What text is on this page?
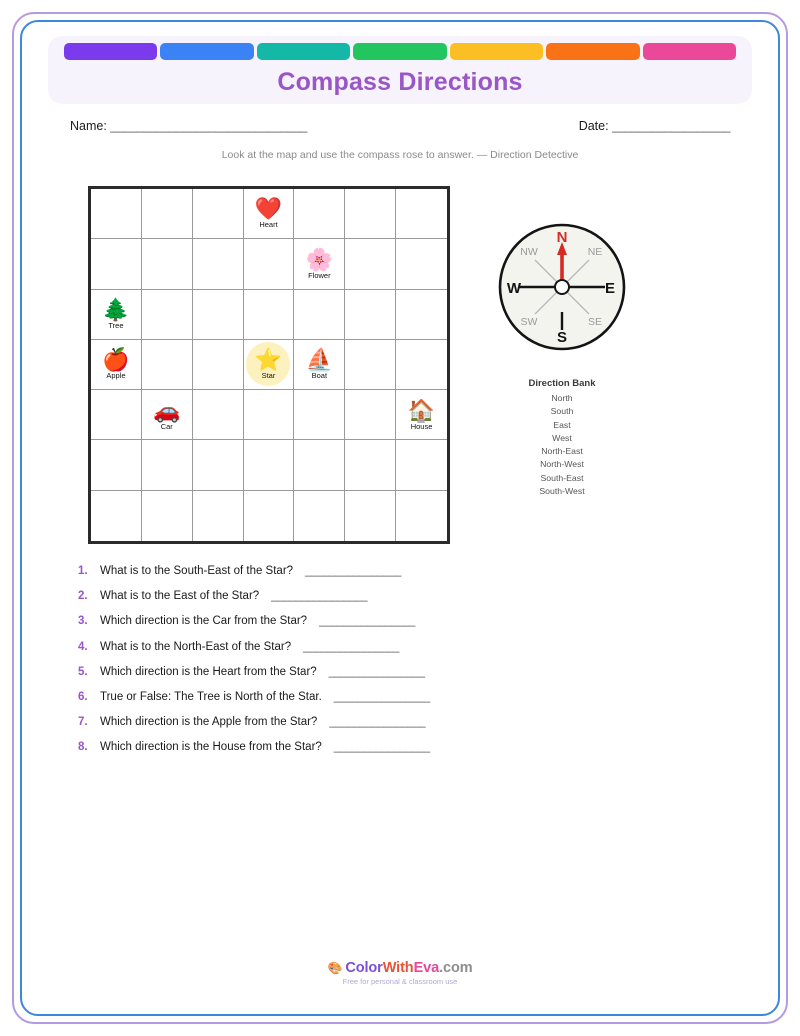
Compass Directions
Name: ______________________________	Date: __________________
Look at the map and use the compass rose to answer. — Direction Detective
❤️
Heart
🌸
Flower
🌲
Tree
🍎
Apple
⭐
Star
⛵
Boat
🚗
Car
🏠
House
N
S
E
W
NW	NE
SW	SE
Direction Bank
North
South
East
West
North-East
North-West
South-East
South-West
1.	What is to the South-East of the Star? ________________
2.	What is to the East of the Star? ________________
3.	Which direction is the Car from the Star? ________________
4.	What is to the North-East of the Star? ________________
5.	Which direction is the Heart from the Star? ________________
6.	True or False: The Tree is North of the Star. ________________
7.	Which direction is the Apple from the Star? ________________
8.	Which direction is the House from the Star? ________________
🎨 ColorWithEva.com
Free for personal & classroom use
